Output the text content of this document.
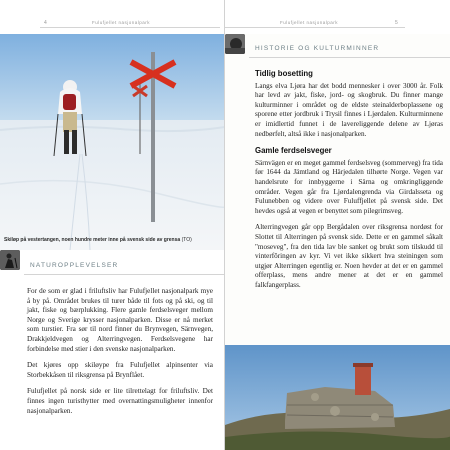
4	Fulufjellet nasjonalpark
Skiløp på vestertangen, noen hundre meter inne på svensk side av grensa (TO)
NATUROPPLEVELSER

For de som er glad i friluftsliv har Fulufjellet nasjonalpark mye å by på. Området brukes til turer både til fots og på ski, og til jakt, fiske og bærplukking. Flere gamle ferdselsveger mellom Norge og Sverige krysser nasjonalparken. Disse er nå merket som turstier. Fra sør til nord finner du Brynvegen, Särnvegen, Drakkjeldvegen og Alterringvegen. Ferdselsvegene har forbindelse med stier i den svenske nasjonalparken.

Det kjøres opp skiløype fra Fulufjellet alpinsenter via Storbekkåsen til riksgrensa på Brynflået.

Fulufjellet på norsk side er lite tilrettelagt for friluftsliv. Det finnes ingen turisthytter med overnattingsmuligheter innenfor nasjonalparken.

Fulufjellet nasjonalpark	5
HISTORIE OG KULTURMINNER
Tidlig bosetting

Langs elva Ljøra har det bodd mennesker i over 3000 år. Folk har levd av jakt, fiske, jord- og skogbruk. Du finner mange kulturminner i området og de eldste steinalderboplassene og sporene etter jordbruk i Trysil finnes i Ljørdalen. Kulturminnene er imidlertid funnet i de lavereliggende delene av Ljøras nedbørfelt, altså ikke i nasjonalparken.

Gamle ferdselsveger

Särnvägen er en meget gammel ferdselsveg (sommerveg) fra tida før 1644 da Jämtland og Härjedalen tilhørte Norge. Vegen var handelsrute for innbyggerne i Särna og omkringliggende områder. Vegen går fra Ljørdalengrenda via Girdalsseta og Fulunebben og videre over Fuluffjellet på svensk side. Det hevdes også at vegen er benyttet som pilegrimsveg.

Alterringvegen går opp Bergådalen over riksgrensa nordøst for Slottet til Alterringen på svensk side. Dette er en gammel såkalt "moseveg", fra den tida lav ble sanket og brukt som tilskudd til vinterfôringen av kyr. Vi vet ikke sikkert hva steiningen som utgjør Alterringen egentlig er. Noen hevder at det er en gammel offerplass, mens andre mener at det er en gammel falkfangerplass.
